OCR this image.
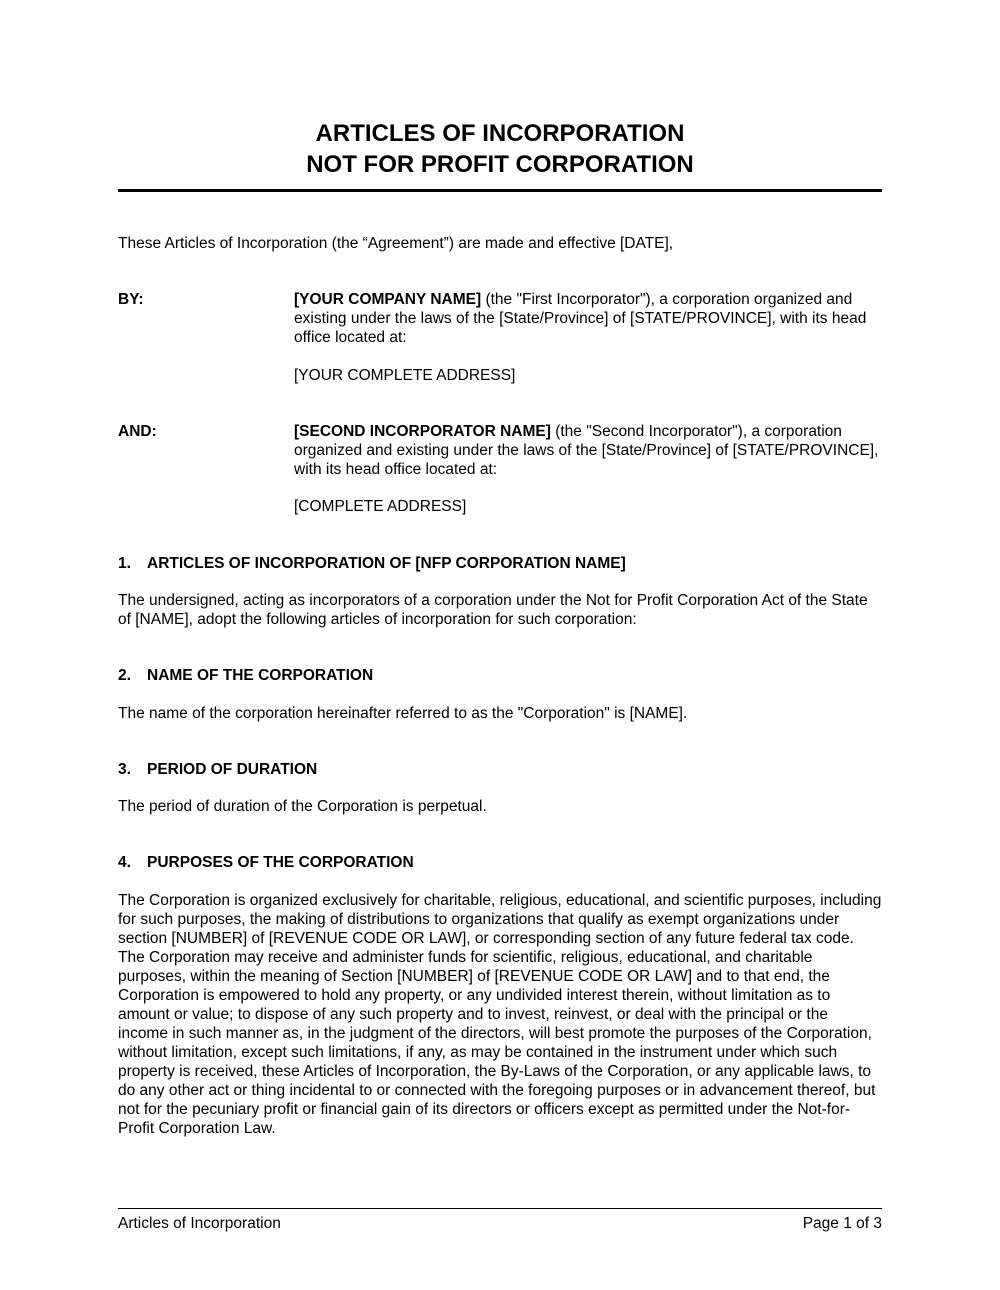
ARTICLES OF INCORPORATION
NOT FOR PROFIT CORPORATION
These Articles of Incorporation (the “Agreement”) are made and effective [DATE],
BY:	[YOUR COMPANY NAME] (the "First Incorporator"), a corporation organized and existing under the laws of the [State/Province] of [STATE/PROVINCE], with its head office located at:
[YOUR COMPLETE ADDRESS]
AND:	[SECOND INCORPORATOR NAME] (the "Second Incorporator"), a corporation organized and existing under the laws of the [State/Province] of [STATE/PROVINCE], with its head office located at:
[COMPLETE ADDRESS]
1. ARTICLES OF INCORPORATION OF [NFP CORPORATION NAME]
The undersigned, acting as incorporators of a corporation under the Not for Profit Corporation Act of the State of [NAME], adopt the following articles of incorporation for such corporation:
2. NAME OF THE CORPORATION
The name of the corporation hereinafter referred to as the "Corporation" is [NAME].
3. PERIOD OF DURATION
The period of duration of the Corporation is perpetual.
4. PURPOSES OF THE CORPORATION
The Corporation is organized exclusively for charitable, religious, educational, and scientific purposes, including for such purposes, the making of distributions to organizations that qualify as exempt organizations under section [NUMBER] of [REVENUE CODE OR LAW], or corresponding section of any future federal tax code. The Corporation may receive and administer funds for scientific, religious, educational, and charitable purposes, within the meaning of Section [NUMBER] of [REVENUE CODE OR LAW] and to that end, the Corporation is empowered to hold any property, or any undivided interest therein, without limitation as to amount or value; to dispose of any such property and to invest, reinvest, or deal with the principal or the income in such manner as, in the judgment of the directors, will best promote the purposes of the Corporation, without limitation, except such limitations, if any, as may be contained in the instrument under which such property is received, these Articles of Incorporation, the By-Laws of the Corporation, or any applicable laws, to do any other act or thing incidental to or connected with the foregoing purposes or in advancement thereof, but not for the pecuniary profit or financial gain of its directors or officers except as permitted under the Not-for-Profit Corporation Law.
Articles of Incorporation	Page 1 of 3
